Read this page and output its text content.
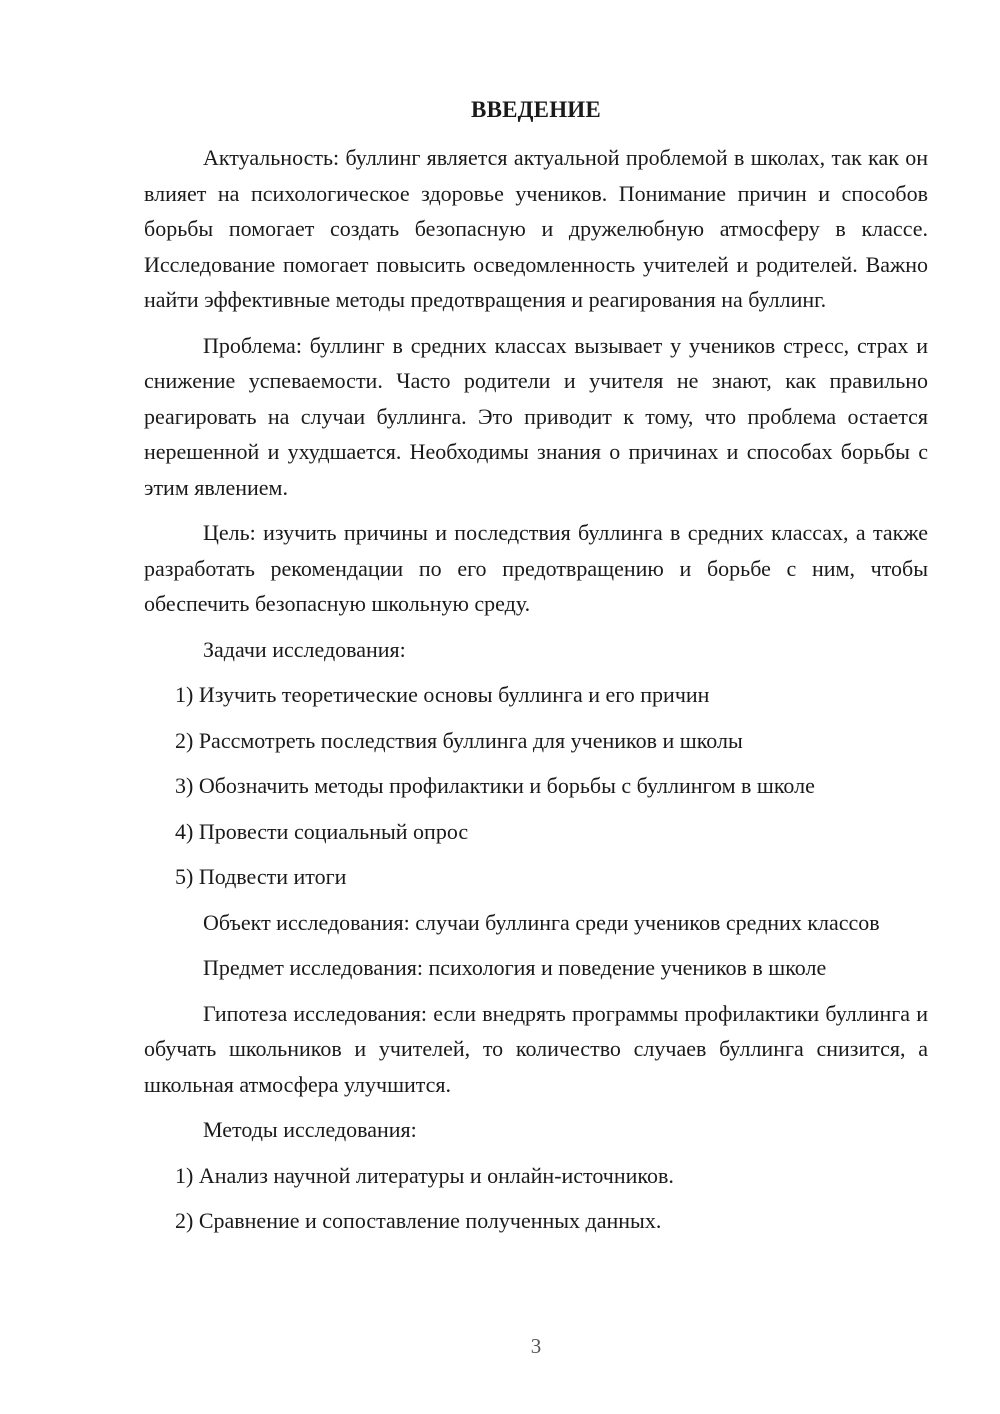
ВВЕДЕНИЕ

Актуальность: буллинг является актуальной проблемой в школах, так как он влияет на психологическое здоровье учеников. Понимание причин и способов борьбы помогает создать безопасную и дружелюбную атмосферу в классе. Исследование помогает повысить осведомленность учителей и родителей. Важно найти эффективные методы предотвращения и реагирования на буллинг.

Проблема: буллинг в средних классах вызывает у учеников стресс, страх и снижение успеваемости. Часто родители и учителя не знают, как правильно реагировать на случаи буллинга. Это приводит к тому, что проблема остается нерешенной и ухудшается. Необходимы знания о причинах и способах борьбы с этим явлением.

Цель: изучить причины и последствия буллинга в средних классах, а также разработать рекомендации по его предотвращению и борьбе с ним, чтобы обеспечить безопасную школьную среду.

Задачи исследования:

1) Изучить теоретические основы буллинга и его причин

2) Рассмотреть последствия буллинга для учеников и школы

3) Обозначить методы профилактики и борьбы с буллингом в школе

4) Провести социальный опрос

5) Подвести итоги

Объект исследования: случаи буллинга среди учеников средних классов

Предмет исследования: психология и поведение учеников в школе

Гипотеза исследования: если внедрять программы профилактики буллинга и обучать школьников и учителей, то количество случаев буллинга снизится, а школьная атмосфера улучшится.

Методы исследования:

1) Анализ научной литературы и онлайн-источников.

2) Сравнение и сопоставление полученных данных.

3
